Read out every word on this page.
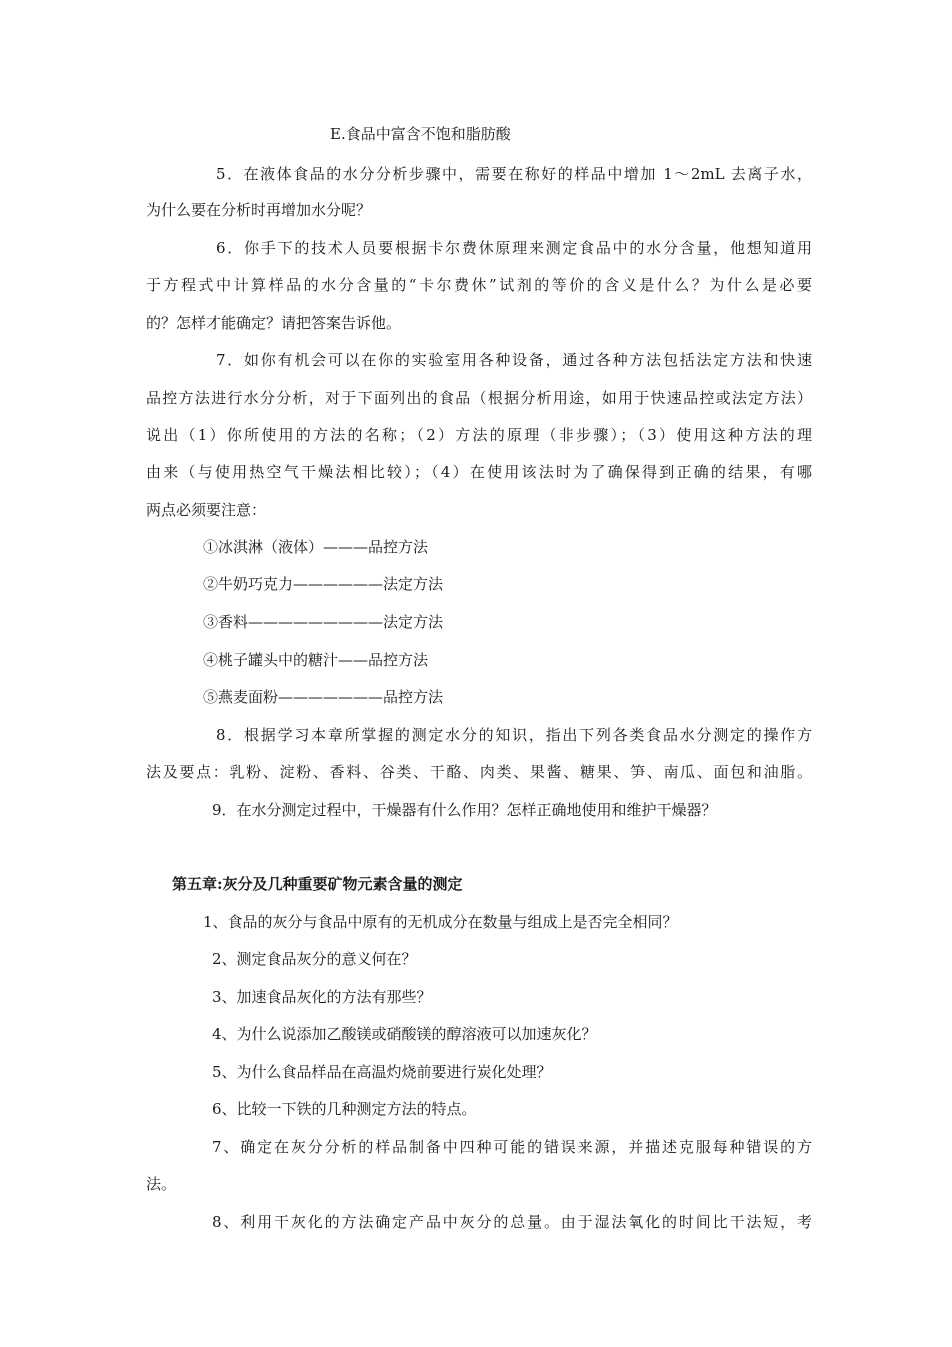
E.食品中富含不饱和脂肪酸
5．在液体食品的水分分析步骤中，需要在称好的样品中增加 1～2mL 去离子水，
为什么要在分析时再增加水分呢？
6．你手下的技术人员要根据卡尔费休原理来测定食品中的水分含量，他想知道用
于方程式中计算样品的水分含量的“卡尔费休”试剂的等价的含义是什么？为什么是必要
的？怎样才能确定？请把答案告诉他。
7．如你有机会可以在你的实验室用各种设备，通过各种方法包括法定方法和快速
品控方法进行水分分析，对于下面列出的食品（根据分析用途，如用于快速品控或法定方法）
说出（1）你所使用的方法的名称；（2）方法的原理（非步骤）；（3）使用这种方法的理
由来（与使用热空气干燥法相比较）；（4）在使用该法时为了确保得到正确的结果，有哪
两点必须要注意：
①冰淇淋（液体）———品控方法
②牛奶巧克力——————法定方法
③香料—————————法定方法
④桃子罐头中的糖汁——品控方法
⑤燕麦面粉———————品控方法
8．根据学习本章所掌握的测定水分的知识，指出下列各类食品水分测定的操作方
法及要点：乳粉、淀粉、香料、谷类、干酪、肉类、果酱、糖果、笋、南瓜、面包和油脂。
9．在水分测定过程中，干燥器有什么作用？怎样正确地使用和维护干燥器？
第五章:灰分及几种重要矿物元素含量的测定
1、食品的灰分与食品中原有的无机成分在数量与组成上是否完全相同？
2、测定食品灰分的意义何在？
3、加速食品灰化的方法有那些？
4、为什么说添加乙酸镁或硝酸镁的醇溶液可以加速灰化？
5、为什么食品样品在高温灼烧前要进行炭化处理？
6、比较一下铁的几种测定方法的特点。
7、确定在灰分分析的样品制备中四种可能的错误来源，并描述克服每种错误的方
法。
8、利用干灰化的方法确定产品中灰分的总量。由于湿法氧化的时间比干法短，考
